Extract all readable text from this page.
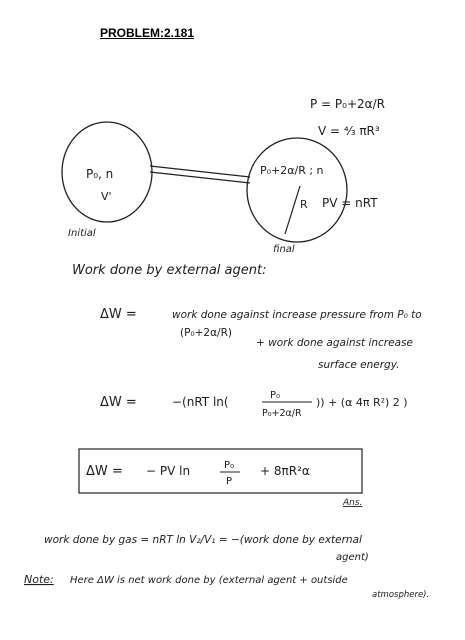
PROBLEM:2.181
P = P₀+2α/R
V = ⁴⁄₃ πR³
PV = nRT
P₀, n
V'
Initial
P₀+2α/R ; n
R
final
Work done by external agent:
ΔW =	work done against increase pressure from P₀ to
(P₀+2α/R)
+ work done against increase
surface energy.
ΔW =	−(nRT ln(	P₀
P₀+2α/R
)) + (α 4π R²) 2 )
ΔW = − PV ln	P₀
P
+ 8πR²α
Ans.
work done by gas = nRT ln V₂/V₁ = −(work done by external
agent)
Note: Here ΔW is net work done by (external agent + outside
atmosphere).
